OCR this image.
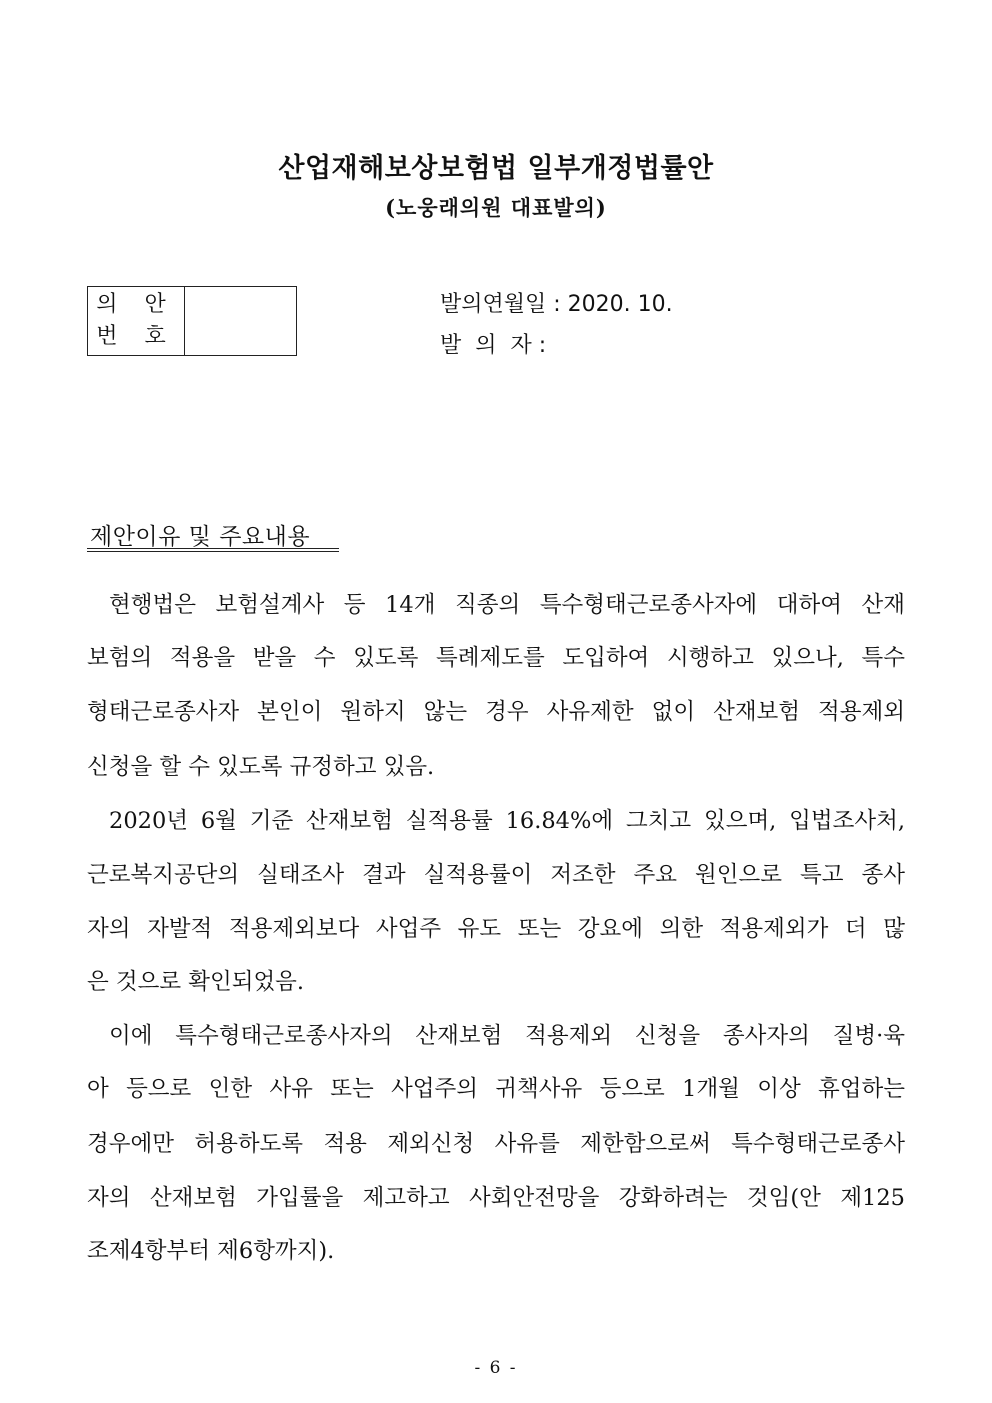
산업재해보상보험법 일부개정법률안
(노웅래의원 대표발의)
의 안
번 호
발의연월일 : 2020. 10.
발  의  자 :
제안이유 및 주요내용
현행법은 보험설계사 등 14개 직종의 특수형태근로종사자에 대하여 산재
보험의 적용을 받을 수 있도록 특례제도를 도입하여 시행하고 있으나, 특수
형태근로종사자 본인이 원하지 않는 경우 사유제한 없이 산재보험 적용제외
신청을 할 수 있도록 규정하고 있음.
2020년 6월 기준 산재보험 실적용률 16.84%에 그치고 있으며, 입법조사처,
근로복지공단의 실태조사 결과 실적용률이 저조한 주요 원인으로 특고 종사
자의 자발적 적용제외보다 사업주 유도 또는 강요에 의한 적용제외가 더 많
은 것으로 확인되었음.
이에 특수형태근로종사자의 산재보험 적용제외 신청을 종사자의 질병·육
아 등으로 인한 사유 또는 사업주의 귀책사유 등으로 1개월 이상 휴업하는
경우에만 허용하도록 적용 제외신청 사유를 제한함으로써 특수형태근로종사
자의 산재보험 가입률을 제고하고 사회안전망을 강화하려는 것임(안 제125
조제4항부터 제6항까지).
- 6 -
